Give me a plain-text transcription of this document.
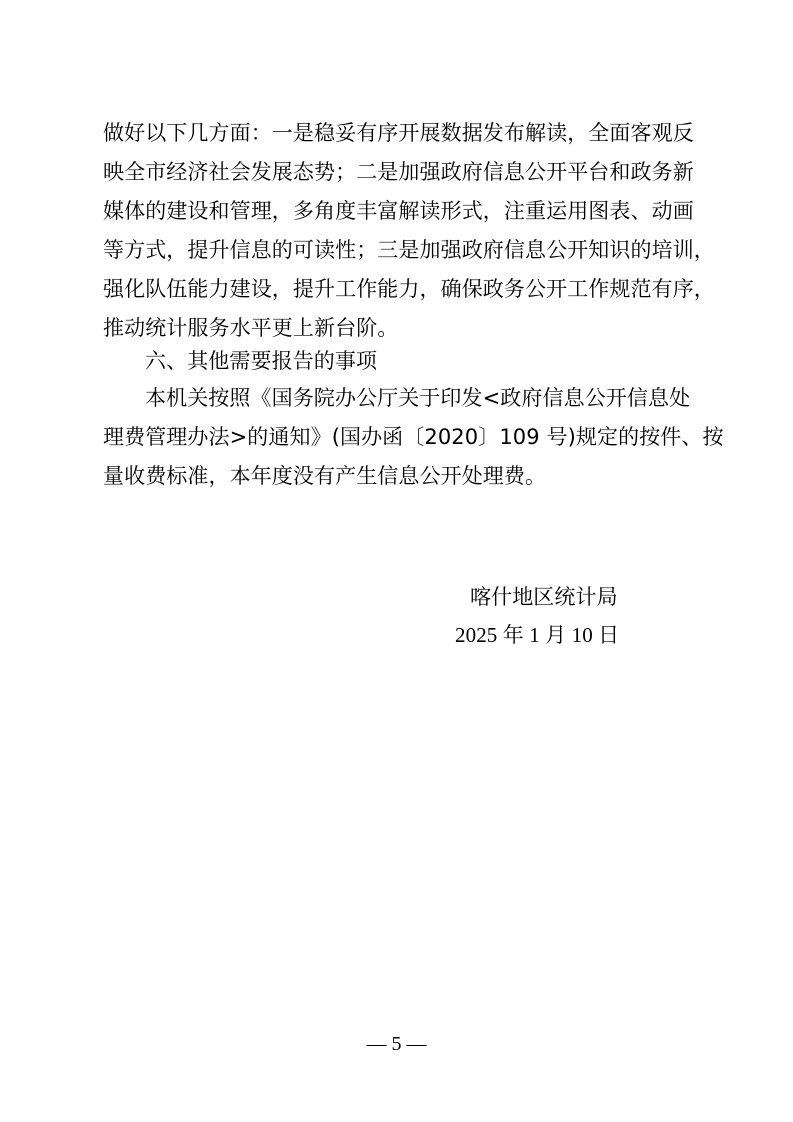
做好以下几方面：一是稳妥有序开展数据发布解读，全面客观反
映全市经济社会发展态势；二是加强政府信息公开平台和政务新
媒体的建设和管理，多角度丰富解读形式，注重运用图表、动画
等方式，提升信息的可读性；三是加强政府信息公开知识的培训，
强化队伍能力建设，提升工作能力，确保政务公开工作规范有序，
推动统计服务水平更上新台阶。
六、其他需要报告的事项
本机关按照《国务院办公厅关于印发<政府信息公开信息处
理费管理办法>的通知》(国办函〔2020〕109 号)规定的按件、按
量收费标准，本年度没有产生信息公开处理费。
喀什地区统计局
2025 年 1 月 10 日
— 5 —
